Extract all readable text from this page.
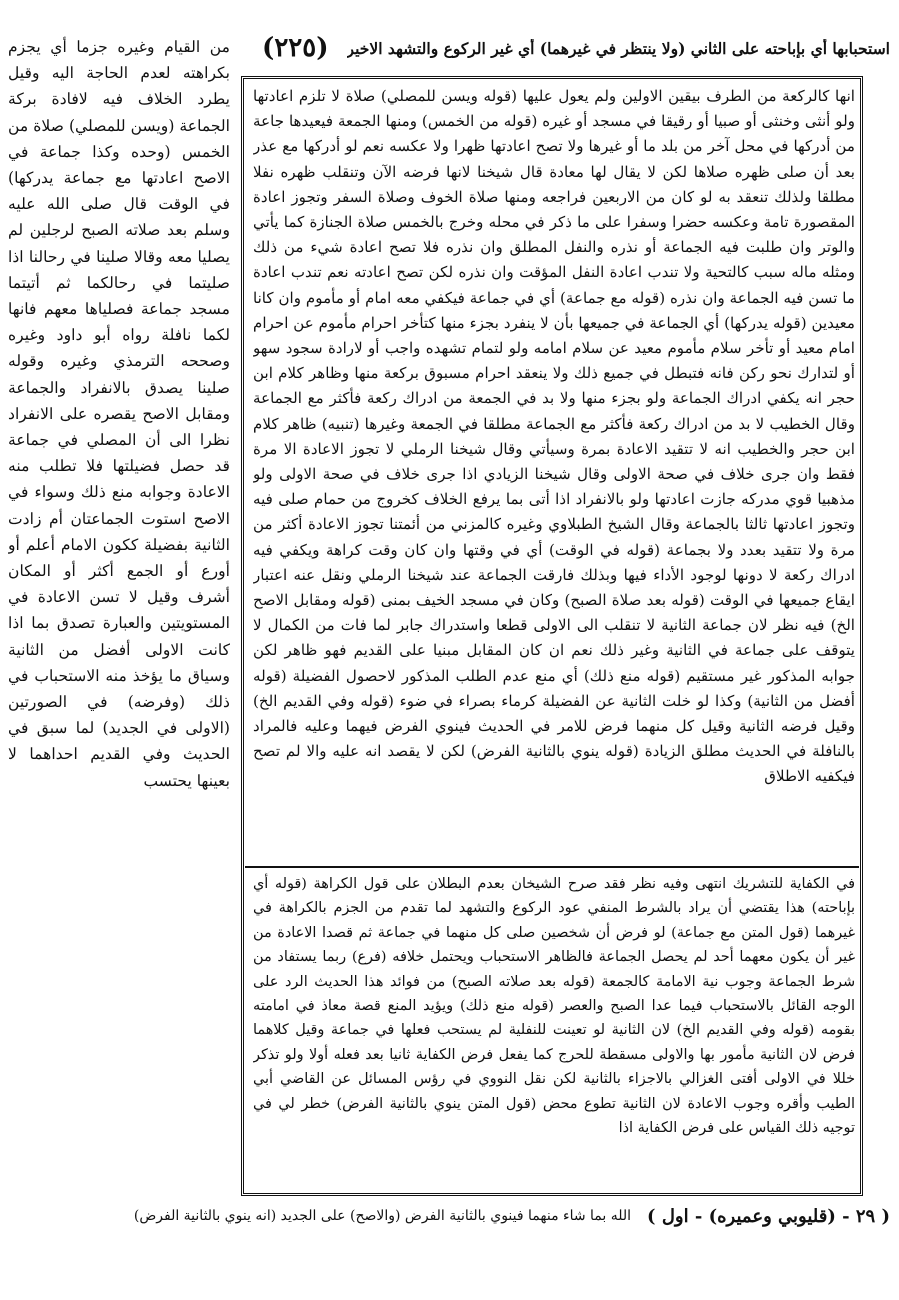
استحبابها أي بإباحته على الثاني (ولا ينتظر في غيرهما) أي غير الركوع والتشهد الاخير
(٢٢٥)
انها كالركعة من الطرف بيقين الاولين ولم يعول عليها (قوله ويسن للمصلي) صلاة لا تلزم اعادتها ولو أنثى وخنثى أو صبيا أو رقيقا في مسجد أو غيره (قوله من الخمس) ومنها الجمعة فيعيدها جاعة من أدركها في محل آخر من بلد ما أو غيرها ولا تصح اعادتها ظهرا ولا عكسه نعم لو أدركها مع عذر بعد أن صلى ظهره صلاها لكن لا يقال لها معادة قال شيخنا لانها فرضه الآن وتنقلب ظهره نفلا مطلقا ولذلك تنعقد به لو كان من الاربعين فراجعه ومنها صلاة الخوف وصلاة السفر وتجوز اعادة المقصورة تامة وعكسه حضرا وسفرا على ما ذكر في محله وخرج بالخمس صلاة الجنازة كما يأتي والوتر وان طلبت فيه الجماعة أو نذره والنفل المطلق وان نذره فلا تصح اعادة شيء من ذلك ومثله ماله سبب كالتحية ولا تندب اعادة النفل المؤقت وان نذره لكن تصح اعادته نعم تندب اعادة ما تسن فيه الجماعة وان نذره (قوله مع جماعة) أي في جماعة فيكفي معه امام أو مأموم وان كانا معيدين (قوله يدركها) أي الجماعة في جميعها بأن لا ينفرد بجزء منها كتأخر احرام مأموم عن احرام امام معيد أو تأخر سلام مأموم معيد عن سلام امامه ولو لتمام تشهده واجب أو لارادة سجود سهو أو لتدارك نحو ركن فانه فتبطل في جميع ذلك ولا ينعقد احرام مسبوق بركعة منها وظاهر كلام ابن حجر انه يكفي ادراك الجماعة ولو بجزء منها ولا بد في الجمعة من ادراك ركعة فأكثر مع الجماعة وقال الخطيب لا بد من ادراك ركعة فأكثر مع الجماعة مطلقا في الجمعة وغيرها (تنبيه) ظاهر كلام ابن حجر والخطيب انه لا تتقيد الاعادة بمرة وسيأتي وقال شيخنا الرملي لا تجوز الاعادة الا مرة فقط وان جرى خلاف في صحة الاولى وقال شيخنا الزيادي اذا جرى خلاف في صحة الاولى ولو مذهبيا قوي مدركه جازت اعادتها ولو بالانفراد اذا أتى بما يرفع الخلاف كخروج من حمام صلى فيه وتجوز اعادتها ثالثا بالجماعة وقال الشيخ الطبلاوي وغيره كالمزني من أئمتنا تجوز الاعادة أكثر من مرة ولا تتقيد بعدد ولا بجماعة (قوله في الوقت) أي في وقتها وان كان وقت كراهة ويكفي فيه ادراك ركعة لا دونها لوجود الأداء فيها وبذلك فارقت الجماعة عند شيخنا الرملي ونقل عنه اعتبار ايقاع جميعها في الوقت (قوله بعد صلاة الصبح) وكان في مسجد الخيف بمنى (قوله ومقابل الاصح الخ) فيه نظر لان جماعة الثانية لا تنقلب الى الاولى قطعا واستدراك جابر لما فات من الكمال لا يتوقف على جماعة في الثانية وغير ذلك نعم ان كان المقابل مبنيا على القديم فهو ظاهر لكن جوابه المذكور غير مستقيم (قوله منع ذلك) أي منع عدم الطلب المذكور لاحصول الفضيلة (قوله أفضل من الثانية) وكذا لو خلت الثانية عن الفضيلة كرماء بصراء في ضوء (قوله وفي القديم الخ) وقيل فرضه الثانية وقيل كل منهما فرض للامر في الحديث فينوي الفرض فيهما وعليه فالمراد بالنافلة في الحديث مطلق الزيادة (قوله ينوي بالثانية الفرض) لكن لا يقصد انه عليه والا لم تصح فيكفيه الاطلاق
في الكفاية للتشريك انتهى وفيه نظر فقد صرح الشيخان بعدم البطلان على قول الكراهة (قوله أي بإباحته) هذا يقتضي أن يراد بالشرط المنفي عود الركوع والتشهد لما تقدم من الجزم بالكراهة في غيرهما (قول المتن مع جماعة) لو فرض أن شخصين صلى كل منهما في جماعة ثم قصدا الاعادة من غير أن يكون معهما أحد لم يحصل الجماعة فالظاهر الاستحباب ويحتمل خلافه (فرع) ربما يستفاد من شرط الجماعة وجوب نية الامامة كالجمعة (قوله بعد صلاته الصبح) من فوائد هذا الحديث الرد على الوجه القائل بالاستحباب فيما عدا الصبح والعصر (قوله منع ذلك) ويؤيد المنع قصة معاذ في امامته بقومه (قوله وفي القديم الخ) لان الثانية لو تعينت للنفلية لم يستحب فعلها في جماعة وقيل كلاهما فرض لان الثانية مأمور بها والاولى مسقطة للحرج كما يفعل فرض الكفاية ثانيا بعد فعله أولا ولو تذكر خللا في الاولى أفتى الغزالي بالاجزاء بالثانية لكن نقل النووي في رؤس المسائل عن القاضي أبي الطيب وأقره وجوب الاعادة لان الثانية تطوع محض (قول المتن ينوي بالثانية الفرض) خطر لي في توجيه ذلك القياس على فرض الكفاية اذا
من القيام وغيره جزما أي يجزم بكراهته لعدم الحاجة اليه وقيل يطرد الخلاف فيه لافادة بركة الجماعة (ويسن للمصلي) صلاة من الخمس (وحده وكذا جماعة في الاصح اعادتها مع جماعة يدركها) في الوقت قال صلى الله عليه وسلم بعد صلاته الصبح لرجلين لم يصليا معه وقالا صلينا في رحالنا اذا صليتما في رحالكما ثم أتيتما مسجد جماعة فصلياها معهم فانها لكما نافلة رواه أبو داود وغيره وصححه الترمذي وغيره وقوله صلينا يصدق بالانفراد والجماعة ومقابل الاصح يقصره على الانفراد نظرا الى أن المصلي في جماعة قد حصل فضيلتها فلا تطلب منه الاعادة وجوابه منع ذلك وسواء في الاصح استوت الجماعتان أم زادت الثانية بفضيلة ككون الامام أعلم أو أورع أو الجمع أكثر أو المكان أشرف وقيل لا تسن الاعادة في المستويتين والعبارة تصدق بما اذا كانت الاولى أفضل من الثانية وسياق ما يؤخذ منه الاستحباب في ذلك (وفرضه) في الصورتين (الاولى في الجديد) لما سبق في الحديث وفي القديم احداهما لا بعينها يحتسب
( ٢٩ - (قليوبي وعميره) - اول )
الله بما شاء منهما فينوي بالثانية الفرض (والاصح) على الجديد (انه ينوي بالثانية الفرض)
